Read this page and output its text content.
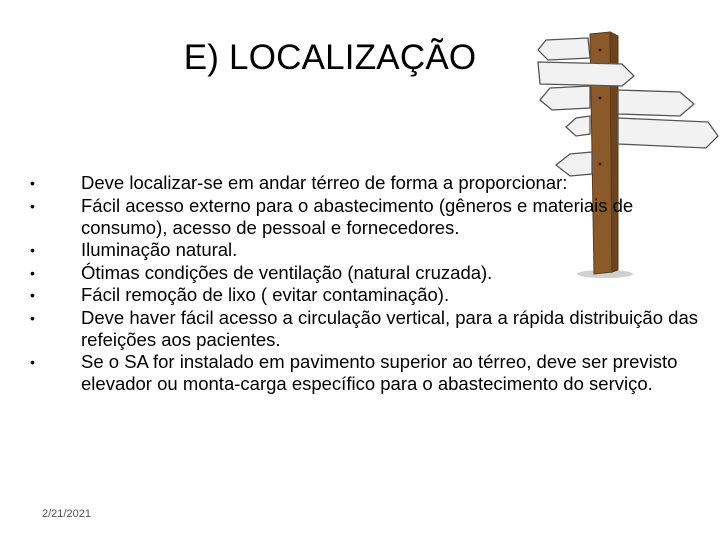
E) LOCALIZAÇÃO
• Deve localizar-se em andar térreo de forma a proporcionar:
• Fácil acesso externo para o abastecimento (gêneros e materiais de consumo), acesso de pessoal e fornecedores.
• Iluminação natural.
• Ótimas condições de ventilação (natural cruzada).
• Fácil remoção de lixo ( evitar contaminação).
• Deve haver fácil acesso a circulação vertical, para a rápida distribuição das refeições aos pacientes.
• Se o SA for instalado em pavimento superior ao térreo, deve ser previsto elevador ou monta-carga específico para o abastecimento do serviço.
2/21/2021
